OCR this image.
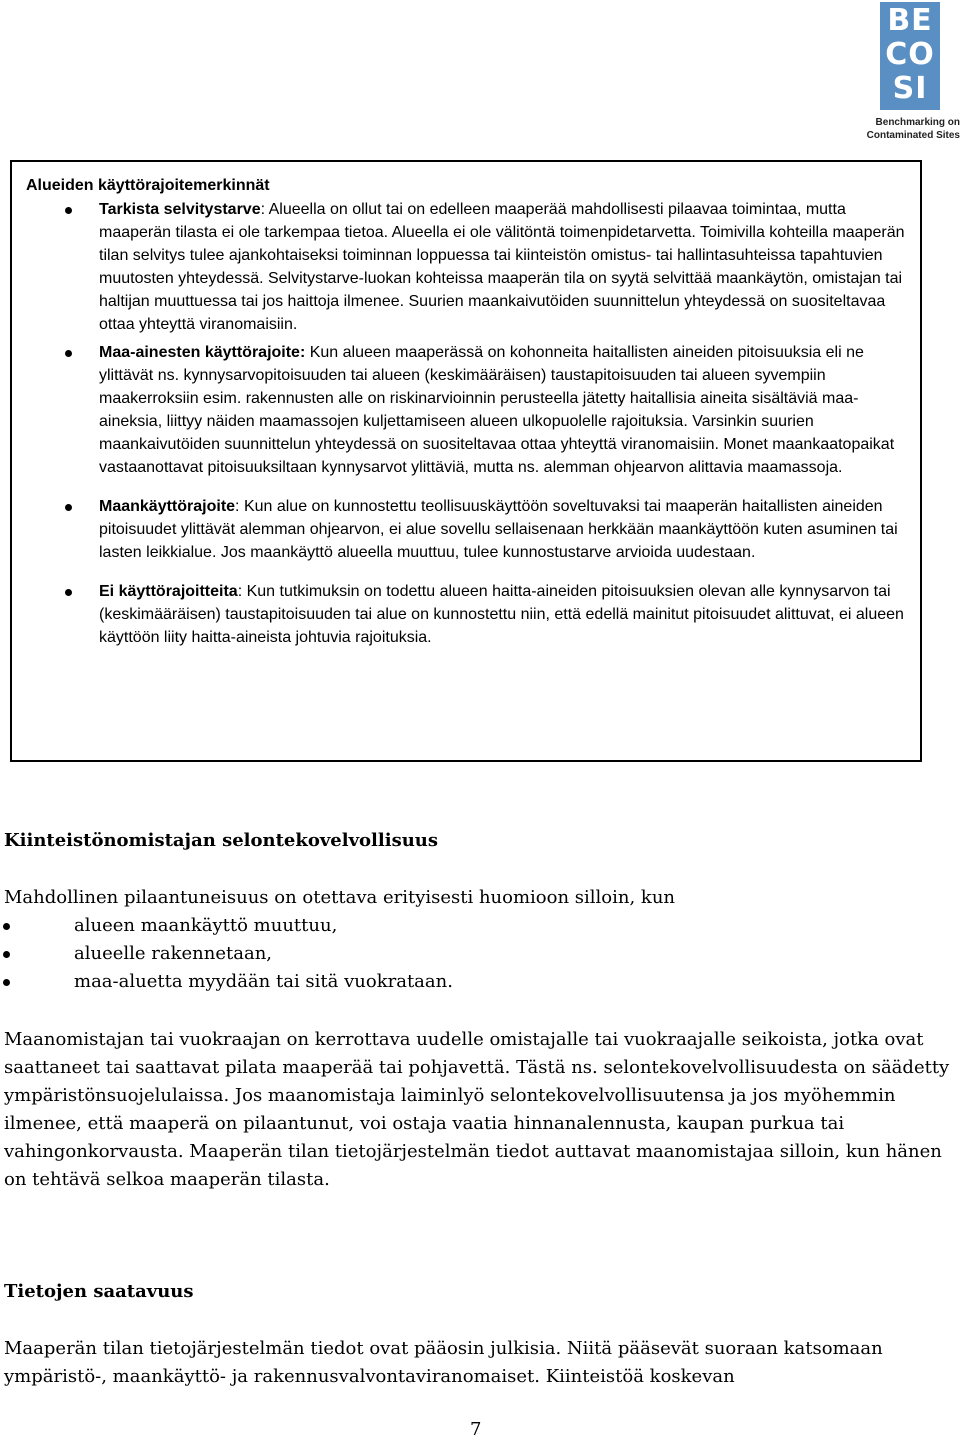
BE
CO
SI
Benchmarking on
Contaminated Sites
Alueiden käyttörajoitemerkinnät
Tarkista selvitystarve: Alueella on ollut tai on edelleen maaperää mahdollisesti pilaavaa toimintaa, mutta maaperän tilasta ei ole tarkempaa tietoa. Alueella ei ole välitöntä toimenpidetarvetta. Toimivilla kohteilla maaperän tilan selvitys tulee ajankohtaiseksi toiminnan loppuessa tai kiinteistön omistus- tai hallintasuhteissa tapahtuvien muutosten yhteydessä. Selvitystarve-luokan kohteissa maaperän tila on syytä selvittää maankäytön, omistajan tai haltijan muuttuessa tai jos haittoja ilmenee. Suurien maankaivutöiden suunnittelun yhteydessä on suositeltavaa ottaa yhteyttä viranomaisiin.
Maa-ainesten käyttörajoite: Kun alueen maaperässä on kohonneita haitallisten aineiden pitoisuuksia eli ne ylittävät ns. kynnysarvopitoisuuden tai alueen (keskimääräisen) taustapitoisuuden tai alueen syvempiin maakerroksiin esim. rakennusten alle on riskinarvioinnin perusteella jätetty haitallisia aineita sisältäviä maa-aineksia, liittyy näiden maamassojen kuljettamiseen alueen ulkopuolelle rajoituksia. Varsinkin suurien maankaivutöiden suunnittelun yhteydessä on suositeltavaa ottaa yhteyttä viranomaisiin. Monet maankaatopaikat vastaanottavat pitoisuuksiltaan kynnysarvot ylittäviä, mutta ns. alemman ohjearvon alittavia maamassoja.
Maankäyttörajoite: Kun alue on kunnostettu teollisuuskäyttöön soveltuvaksi tai maaperän haitallisten aineiden pitoisuudet ylittävät alemman ohjearvon, ei alue sovellu sellaisenaan herkkään maankäyttöön kuten asuminen tai lasten leikkialue. Jos maankäyttö alueella muuttuu, tulee kunnostustarve arvioida uudestaan.
Ei käyttörajoitteita: Kun tutkimuksin on todettu alueen haitta-aineiden pitoisuuksien olevan alle kynnysarvon tai (keskimääräisen) taustapitoisuuden tai alue on kunnostettu niin, että edellä mainitut pitoisuudet alittuvat, ei alueen käyttöön liity haitta-aineista johtuvia rajoituksia.
Kiinteistönomistajan selontekovelvollisuus

Mahdollinen pilaantuneisuus on otettava erityisesti huomioon silloin, kun

alueen maankäyttö muuttuu,
alueelle rakennetaan,
maa-aluetta myydään tai sitä vuokrataan.

Maanomistajan tai vuokraajan on kerrottava uudelle omistajalle tai vuokraajalle seikoista, jotka ovat saattaneet tai saattavat pilata maaperää tai pohjavettä. Tästä ns. selontekovelvollisuudesta on säädetty ympäristönsuojelulaissa. Jos maanomistaja laiminlyö selontekovelvollisuutensa ja jos myöhemmin ilmenee, että maaperä on pilaantunut, voi ostaja vaatia hinnanalennusta, kaupan purkua tai vahingonkorvausta. Maaperän tilan tietojärjestelmän tiedot auttavat maanomistajaa silloin, kun hänen on tehtävä selkoa maaperän tilasta.

Tietojen saatavuus

Maaperän tilan tietojärjestelmän tiedot ovat pääosin julkisia. Niitä pääsevät suoraan katsomaan ympäristö-, maankäyttö- ja rakennusvalvontaviranomaiset. Kiinteistöä koskevan

7
